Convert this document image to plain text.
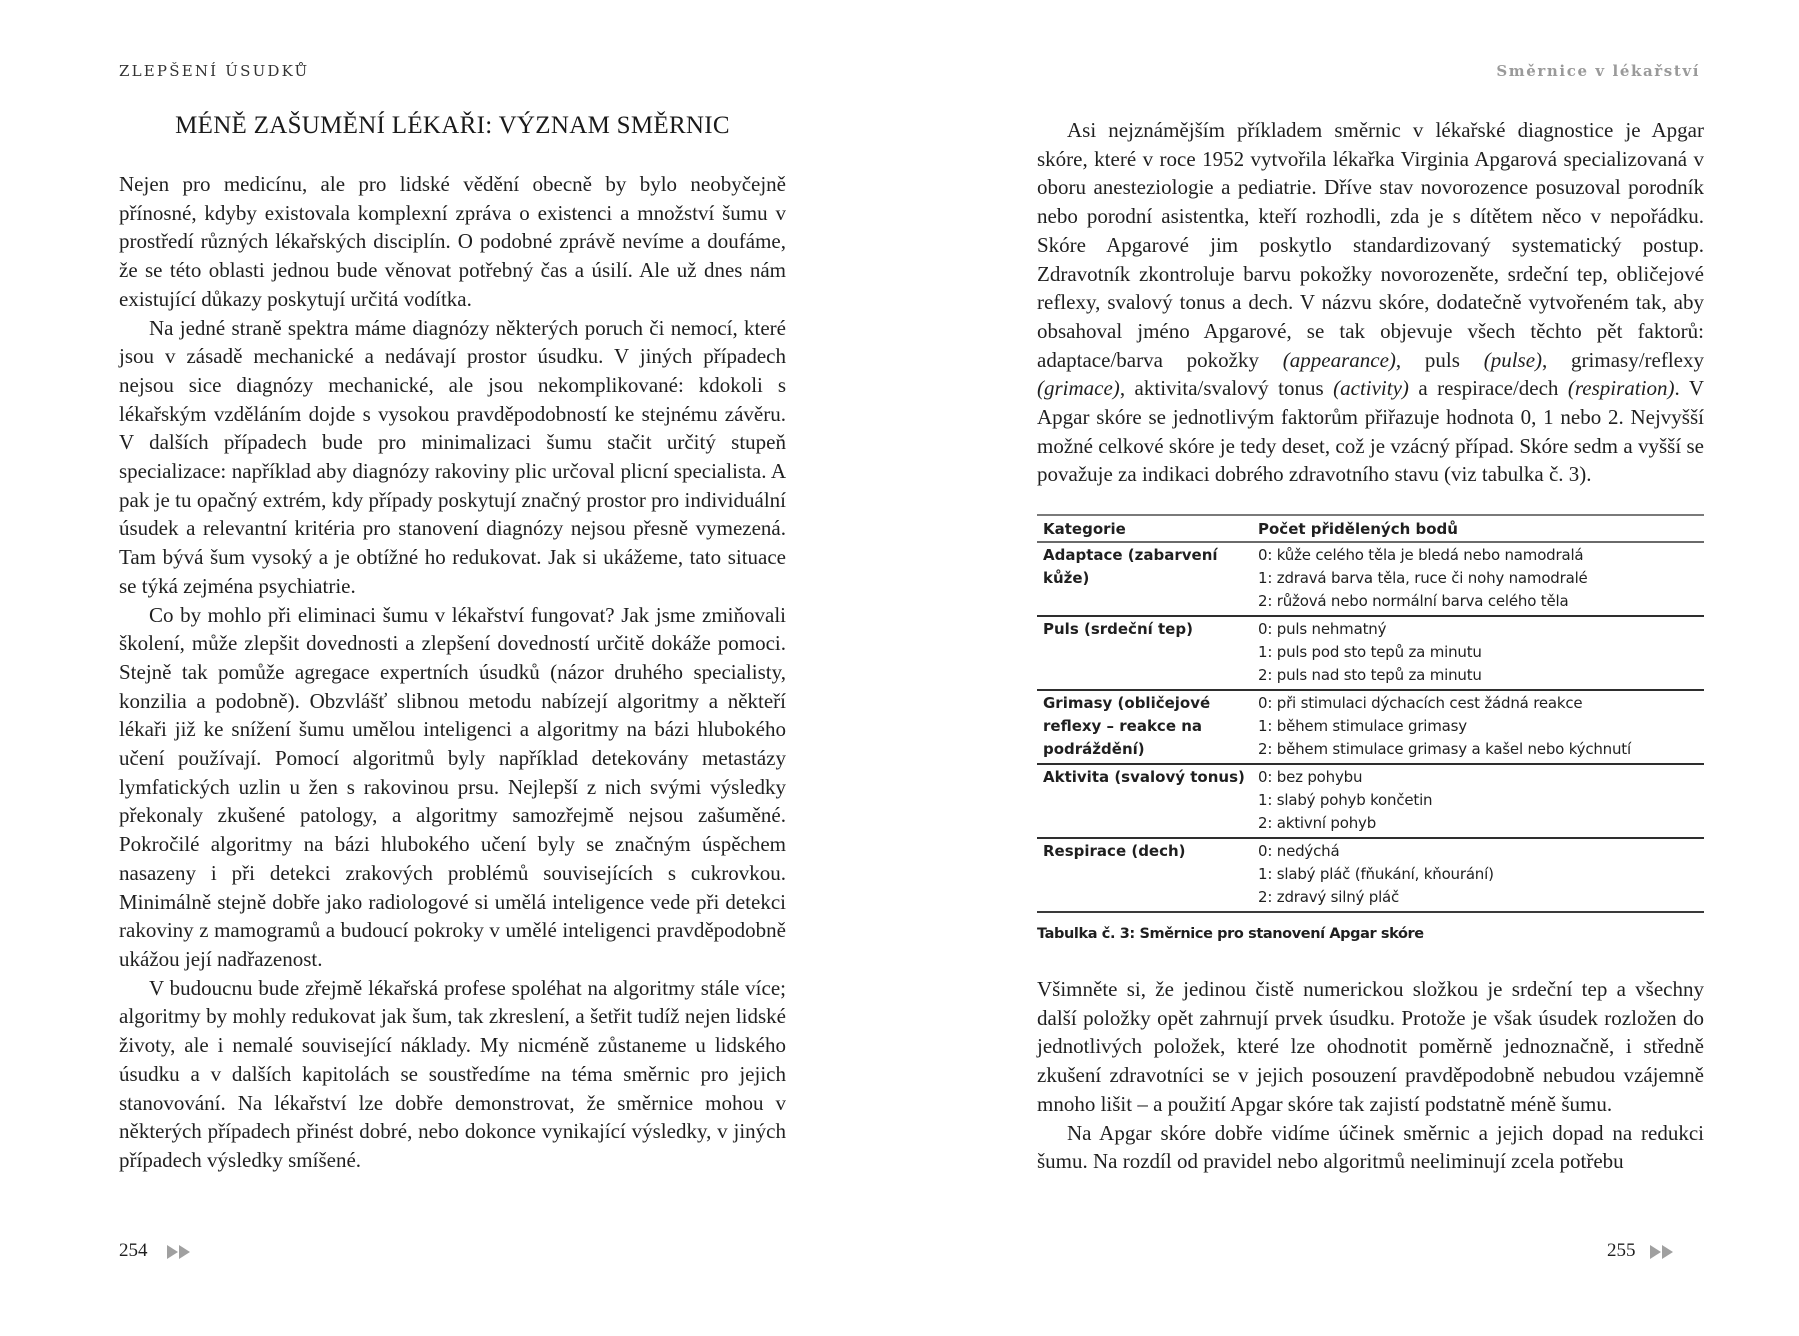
ZLEPŠENÍ ÚSUDKŮ
MÉNĚ ZAŠUMĚNÍ LÉKAŘI: VÝZNAM SMĚRNIC

Nejen pro medicínu, ale pro lidské vědění obecně by bylo neobyčejně přínosné, kdyby existovala komplexní zpráva o existenci a množství šumu v prostředí různých lékařských disciplín. O podobné zprávě nevíme a doufáme, že se této oblasti jednou bude věnovat potřebný čas a úsilí. Ale už dnes nám existující důkazy poskytují určitá vodítka.

Na jedné straně spektra máme diagnózy některých poruch či nemocí, které jsou v zásadě mechanické a nedávají prostor úsudku. V jiných případech nejsou sice diagnózy mechanické, ale jsou nekomplikované: kdokoli s lékařským vzděláním dojde s vysokou pravděpodobností ke stejnému závěru. V dalších případech bude pro minimalizaci šumu stačit určitý stupeň specializace: například aby diagnózy rakoviny plic určoval plicní specialista. A pak je tu opačný extrém, kdy případy poskytují značný prostor pro individuální úsudek a relevantní kritéria pro stanovení diagnózy nejsou přesně vymezená. Tam bývá šum vysoký a je obtížné ho redukovat. Jak si ukážeme, tato situace se týká zejména psychiatrie.

Co by mohlo při eliminaci šumu v lékařství fungovat? Jak jsme zmiňovali školení, může zlepšit dovednosti a zlepšení dovedností určitě dokáže pomoci. Stejně tak pomůže agregace expertních úsudků (názor druhého specialisty, konzilia a podobně). Obzvlášť slibnou metodu nabízejí algoritmy a někteří lékaři již ke snížení šumu umělou inteligenci a algoritmy na bázi hlubokého učení používají. Pomocí algoritmů byly například detekovány metastázy lymfatických uzlin u žen s rakovinou prsu. Nejlepší z nich svými výsledky překonaly zkušené patology, a algoritmy samozřejmě nejsou zašuměné. Pokročilé algoritmy na bázi hlubokého učení byly se značným úspěchem nasazeny i při detekci zrakových problémů souvisejících s cukrovkou. Minimálně stejně dobře jako radiologové si umělá inteligence vede při detekci rakoviny z mamogramů a budoucí pokroky v umělé inteligenci pravděpodobně ukážou její nadřazenost.

V budoucnu bude zřejmě lékařská profese spoléhat na algoritmy stále více; algoritmy by mohly redukovat jak šum, tak zkreslení, a šetřit tudíž nejen lidské životy, ale i nemalé související náklady. My nicméně zůstaneme u lidského úsudku a v dalších kapitolách se soustředíme na téma směrnic pro jejich stanovování. Na lékařství lze dobře demonstrovat, že směrnice mohou v některých případech přinést dobré, nebo dokonce vynikající výsledky, v jiných případech výsledky smíšené.

254
Směrnice v lékařství

Asi nejznámějším příkladem směrnic v lékařské diagnostice je Apgar skóre, které v roce 1952 vytvořila lékařka Virginia Apgarová specializovaná v oboru anesteziologie a pediatrie. Dříve stav novorozence posuzoval porodník nebo porodní asistentka, kteří rozhodli, zda je s dítětem něco v nepořádku. Skóre Apgarové jim poskytlo standardizovaný systematický postup. Zdravotník zkontroluje barvu pokožky novorozeněte, srdeční tep, obličejové reflexy, svalový tonus a dech. V názvu skóre, dodatečně vytvořeném tak, aby obsahoval jméno Apgarové, se tak objevuje všech těchto pět faktorů: adaptace/barva pokožky (appearance), puls (pulse), grimasy/reflexy (grimace), aktivita/svalový tonus (activity) a respirace/dech (respiration). V Apgar skóre se jednotlivým faktorům přiřazuje hodnota 0, 1 nebo 2. Nejvyšší možné celkové skóre je tedy deset, což je vzácný případ. Skóre sedm a vyšší se považuje za indikaci dobrého zdravotního stavu (viz tabulka č. 3).

Kategorie	Počet přidělených bodů
Adaptace (zabarvení kůže)	0: kůže celého těla je bledá nebo namodralá
1: zdravá barva těla, ruce či nohy namodralé
2: růžová nebo normální barva celého těla

Puls (srdeční tep)	0: puls nehmatný
1: puls pod sto tepů za minutu
2: puls nad sto tepů za minutu

Grimasy (obličejové reflexy – reakce na podráždění)	0: při stimulaci dýchacích cest žádná reakce
1: během stimulace grimasy
2: během stimulace grimasy a kašel nebo kýchnutí

Aktivita (svalový tonus)	0: bez pohybu
1: slabý pohyb končetin
2: aktivní pohyb

Respirace (dech)	0: nedýchá
1: slabý pláč (fňukání, kňourání)
2: zdravý silný pláč
Tabulka č. 3: Směrnice pro stanovení Apgar skóre

Všimněte si, že jedinou čistě numerickou složkou je srdeční tep a všechny další položky opět zahrnují prvek úsudku. Protože je však úsudek rozložen do jednotlivých položek, které lze ohodnotit poměrně jednoznačně, i středně zkušení zdravotníci se v jejich posouzení pravděpodobně nebudou vzájemně mnoho lišit – a použití Apgar skóre tak zajistí podstatně méně šumu.

Na Apgar skóre dobře vidíme účinek směrnic a jejich dopad na redukci šumu. Na rozdíl od pravidel nebo algoritmů neeliminují zcela potřebu

255
